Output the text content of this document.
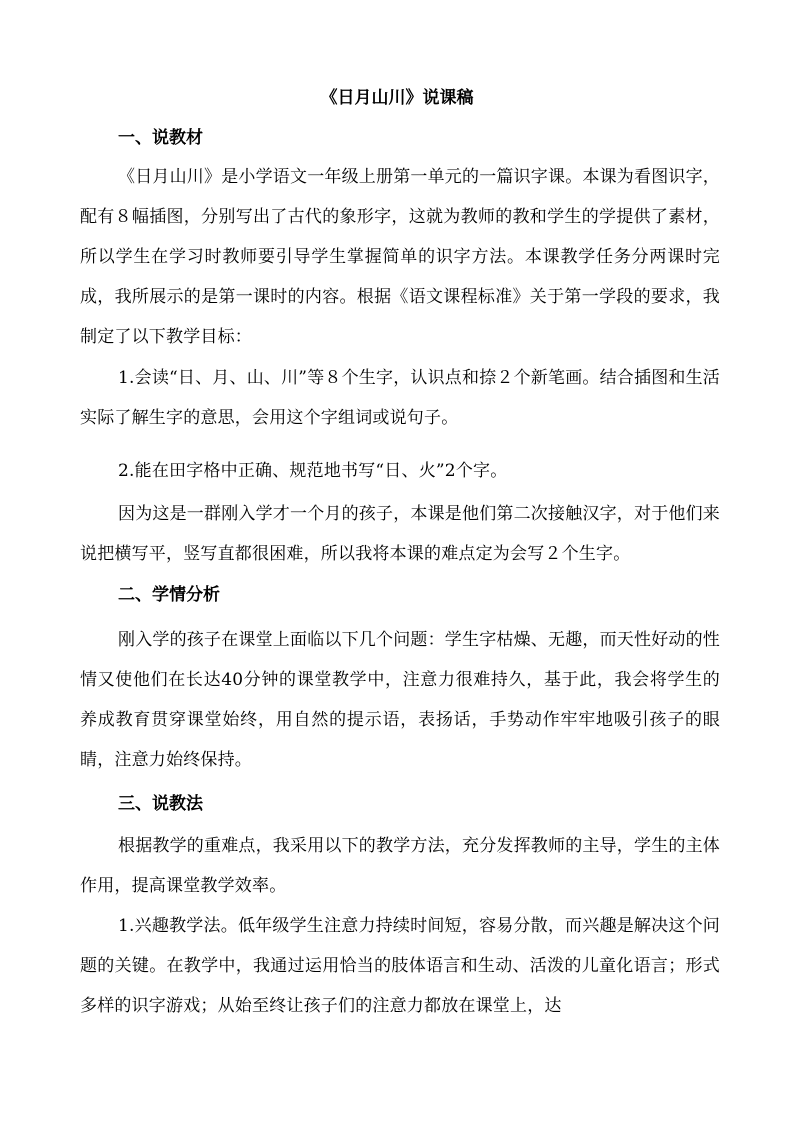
《日月山川》说课稿
一、说教材
《日月山川》是小学语文一年级上册第一单元的一篇识字课。本课为看图识字，配有８幅插图，分别写出了古代的象形字，这就为教师的教和学生的学提供了素材，所以学生在学习时教师要引导学生掌握简单的识字方法。本课教学任务分两课时完成，我所展示的是第一课时的内容。根据《语文课程标准》关于第一学段的要求，我制定了以下教学目标：
1.会读“日、月、山、川”等８个生字，认识点和捺２个新笔画。结合插图和生活实际了解生字的意思，会用这个字组词或说句子。
2.能在田字格中正确、规范地书写“日、火”2个字。
因为这是一群刚入学才一个月的孩子，本课是他们第二次接触汉字，对于他们来说把横写平，竖写直都很困难，所以我将本课的难点定为会写２个生字。
二、学情分析
刚入学的孩子在课堂上面临以下几个问题：学生字枯燥、无趣，而天性好动的性情又使他们在长达40分钟的课堂教学中，注意力很难持久，基于此，我会将学生的养成教育贯穿课堂始终，用自然的提示语，表扬话，手势动作牢牢地吸引孩子的眼睛，注意力始终保持。
三、说教法
根据教学的重难点，我采用以下的教学方法，充分发挥教师的主导，学生的主体作用，提高课堂教学效率。
1.兴趣教学法。低年级学生注意力持续时间短，容易分散，而兴趣是解决这个问题的关键。在教学中，我通过运用恰当的肢体语言和生动、活泼的儿童化语言；形式多样的识字游戏；从始至终让孩子们的注意力都放在课堂上，达
